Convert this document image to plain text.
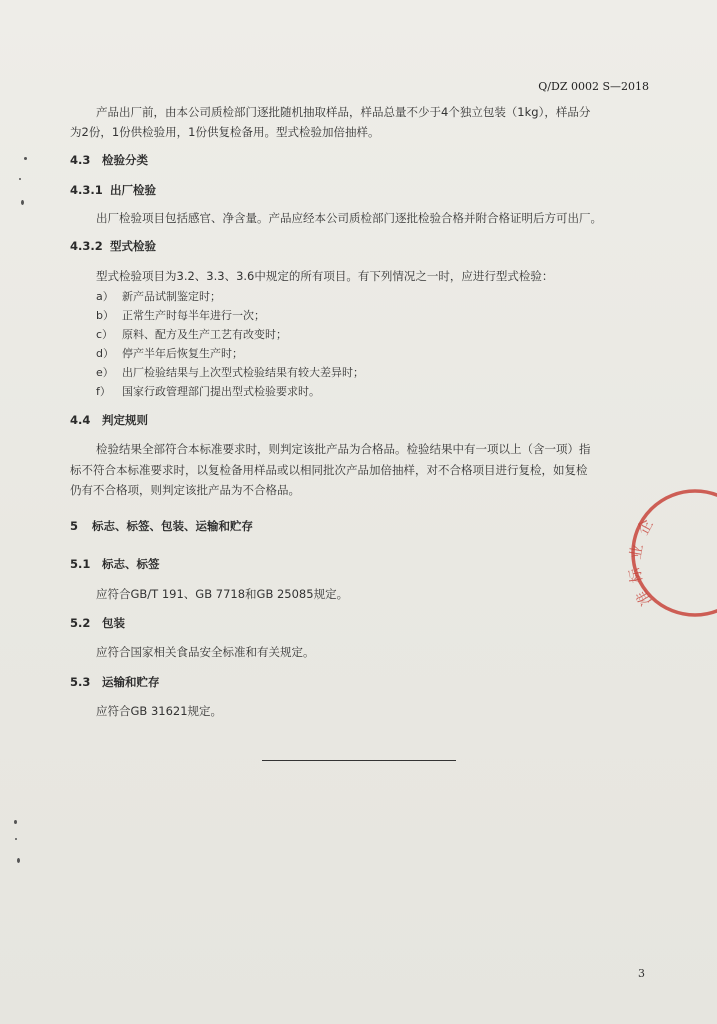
Q/DZ 0002 S—2018
产品出厂前，由本公司质检部门逐批随机抽取样品，样品总量不少于4个独立包装（1kg），样品分
为2份，1份供检验用，1份供复检备用。型式检验加倍抽样。
4.3 检验分类
4.3.1 出厂检验
出厂检验项目包括感官、净含量。产品应经本公司质检部门逐批检验合格并附合格证明后方可出厂。
4.3.2 型式检验
型式检验项目为3.2、3.3、3.6中规定的所有项目。有下列情况之一时，应进行型式检验：
a） 新产品试制鉴定时；
b） 正常生产时每半年进行一次；
c） 原料、配方及生产工艺有改变时；
d） 停产半年后恢复生产时；
e） 出厂检验结果与上次型式检验结果有较大差异时；
f） 国家行政管理部门提出型式检验要求时。
4.4 判定规则
检验结果全部符合本标准要求时，则判定该批产品为合格品。检验结果中有一项以上（含一项）指
标不符合本标准要求时，以复检备用样品或以相同批次产品加倍抽样，对不合格项目进行复检，如复检
仍有不合格项，则判定该批产品为不合格品。
5 标志、标签、包装、运输和贮存
5.1 标志、标签
应符合GB/T 191、GB 7718和GB 25085规定。
5.2 包装
应符合国家相关食品安全标准和有关规定。
5.3 运输和贮存
应符合GB 31621规定。
3
企
业
标
准
